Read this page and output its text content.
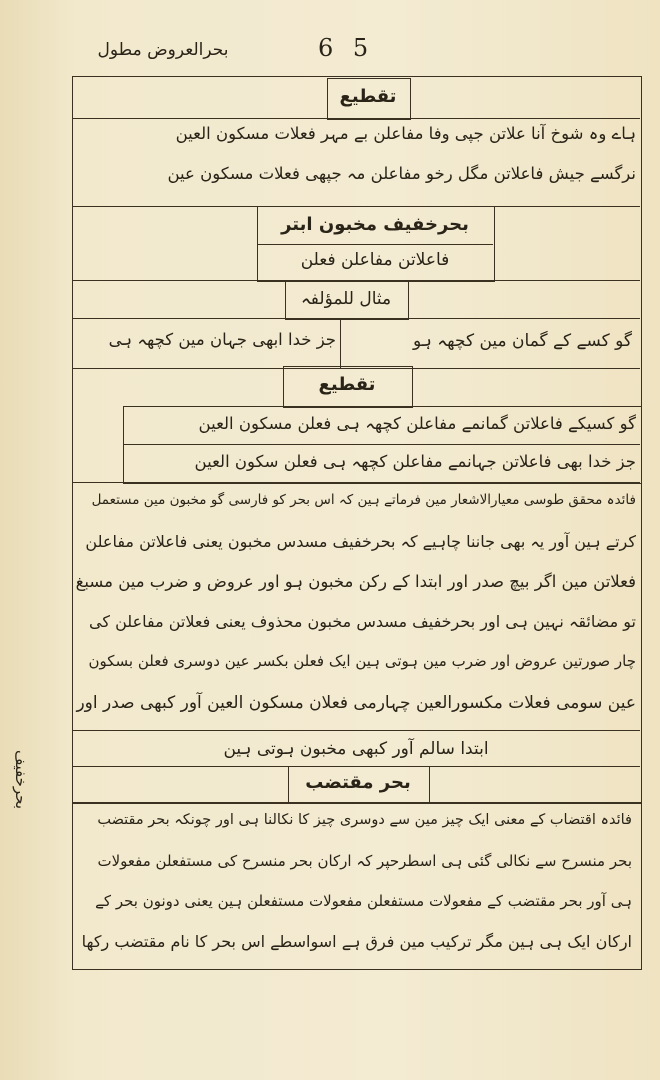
بحرالعروض مطول	6 5
تقطیع
ہاے وہ شوخ آنا علاتن جپی وفا مفاعلن بے مہر فعلات مسکون العین
نرگسے جیش فاعلاتن مگل رخو مفاعلن مہ جپھی فعلات مسکون عین
بحرخفیف مخبون ابتر
فاعلاتن مفاعلن فعلن
مثال للمؤلفہ
گو کسے کے گمان مین کچھہ ہو
جز خدا ابھی جہان مین کچھہ ہی
تقطیع
گو کسیکے فاعلاتن گمانمے مفاعلن کچھہ ہی فعلن مسکون العین
جز خدا بھی فاعلاتن جہانمے مفاعلن کچھہ ہی فعلن سکون العین
فائدہ محقق طوسی معیارالاشعار مین فرماتے ہین کہ اس بحر کو فارسی گو مخبون مین مستعمل
کرتے ہین آور یہ بھی جاننا چاہیے کہ بحرخفیف مسدس مخبون یعنی فاعلاتن مفاعلن
فعلاتن مین اگر بیچ صدر اور ابتدا کے رکن مخبون ہو اور عروض و ضرب مین مسبغ
تو مضائقہ نہین ہی اور بحرخفیف مسدس مخبون محذوف یعنی فعلاتن مفاعلن کی
چار صورتین عروض اور ضرب مین ہوتی ہین ایک فعلن بکسر عین دوسری فعلن بسکون
عین سومی فعلات مکسورالعین چہارمی فعلان مسکون العین آور کبھی صدر اور
ابتدا سالم آور کبھی مخبون ہوتی ہین
بحر مقتضب
فائدہ اقتضاب کے معنی ایک چیز مین سے دوسری چیز کا نکالنا ہی اور چونکہ بحر مقتضب
بحر منسرح سے نکالی گئی ہی اسطرحپر کہ ارکان بحر منسرح کی مستفعلن مفعولات
ہی آور بحر مقتضب کے مفعولات مستفعلن مفعولات مستفعلن ہین یعنی دونون بحر کے
ارکان ایک ہی ہین مگر ترکیب مین فرق ہے اسواسطے اس بحر کا نام مقتضب رکھا
بحرخفیف
